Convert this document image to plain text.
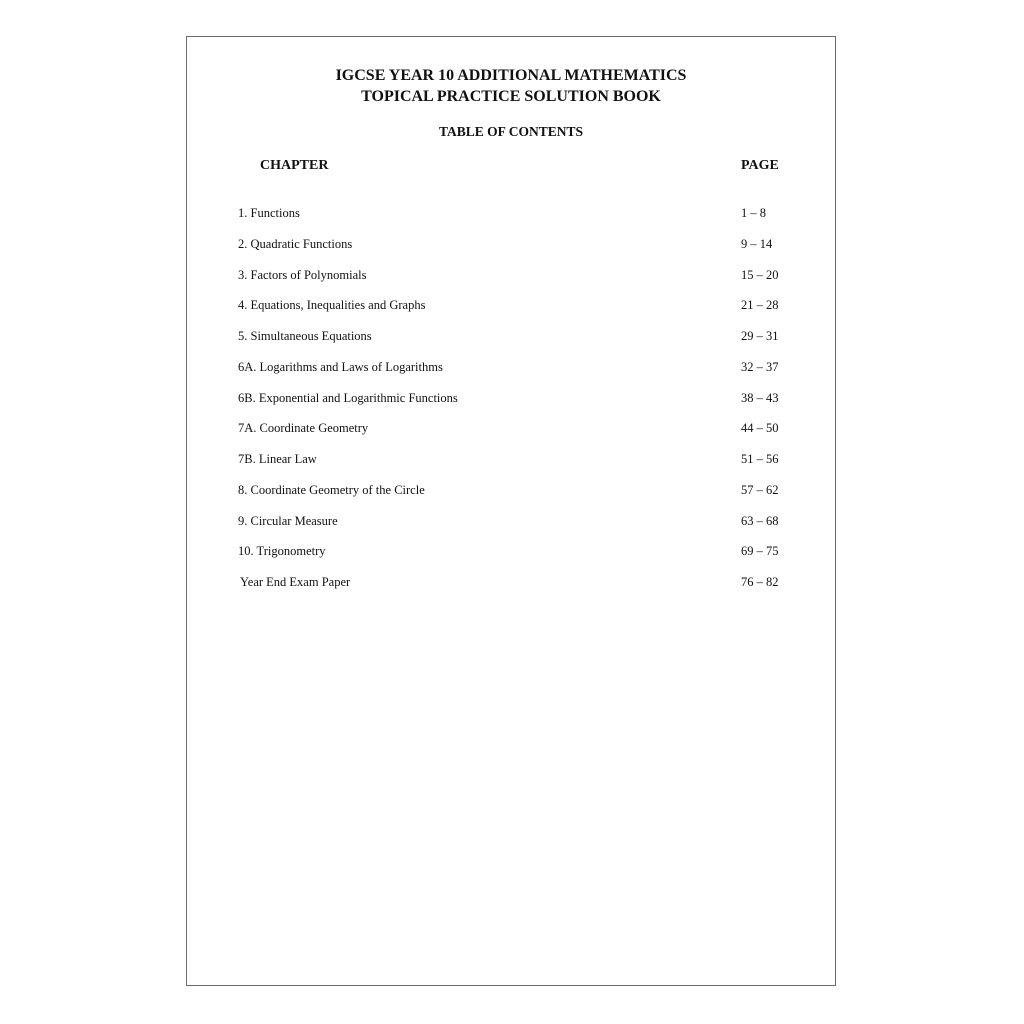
IGCSE YEAR 10 ADDITIONAL MATHEMATICS
TOPICAL PRACTICE SOLUTION BOOK
TABLE OF CONTENTS
CHAPTER	PAGE
1. Functions	1 – 8
2. Quadratic Functions	9 – 14
3. Factors of Polynomials	15 – 20
4. Equations, Inequalities and Graphs	21 – 28
5. Simultaneous Equations	29 – 31
6A. Logarithms and Laws of Logarithms	32 – 37
6B. Exponential and Logarithmic Functions	38 – 43
7A. Coordinate Geometry	44 – 50
7B. Linear Law	51 – 56
8. Coordinate Geometry of the Circle	57 – 62
9. Circular Measure	63 – 68
10. Trigonometry	69 – 75
Year End Exam Paper	76 – 82
